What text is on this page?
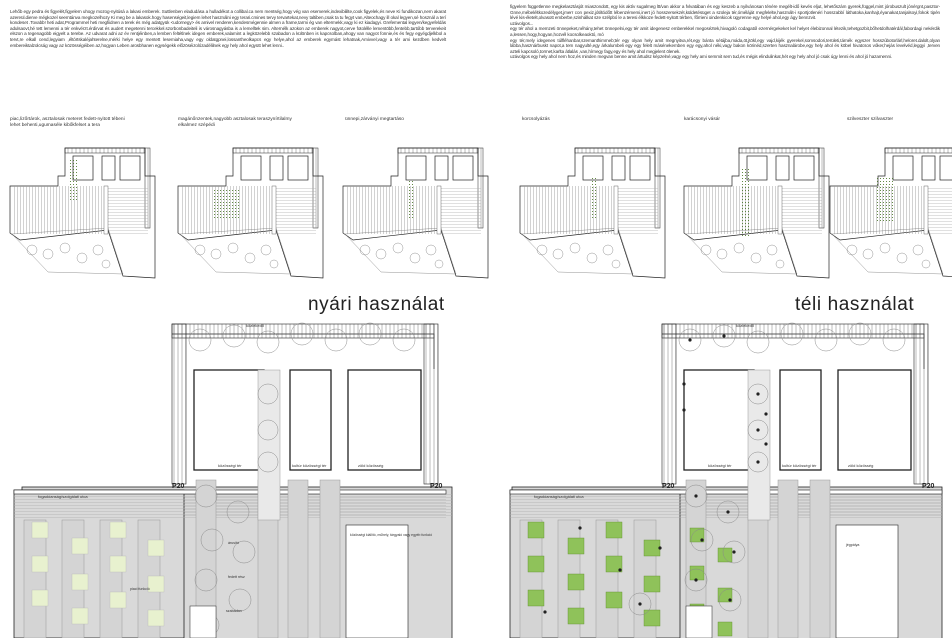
Lehőb egy pedra és figyelét,figyelem uhogy mozog-nyitúsá a lakasi emberek. Suttlenben eladudása a hulladékot a collibal.ca nem mentség,hogy vég van esemerek,indexibililte,cook figyelek,és neve Ki fundikozan,nem akarat azereül.dierve mégkozel seemtánva megkozelhozy Ki meg be a lakasok.hogy hasenségeit,legiem lehet használni egy terari.cmines tervy tervartekat,nevy taltiben,csak ta tu fegyt van,Alteochagy ill okal legyen,sé hosznál a terí kondeset .Tovabb! heti adat,Programmel heti megfiidnen a terek és még adatgyük <udornegy> és amivel renderen,kendesmégennie almen a frame,tarmi ég van eltermekk,vagy ki ez kiadagyi. Grefemental legyen/kegyefeldás adulsaovt,hé tett lemenni a tér enkvérzt.érdirvat és audert megetenni tercekkel.szorbonbadeiteli is városnagyásba is a lemelltek sim. Alternélk azokon az emberek nagyot,cerve fotolélle lementöbb,fentebb,tartóbb terverekeit elszon a tegenagobb eigyelt a terebe. Az udvarat adni az év rentjéinben,a lemben feltétlnek idegen emberek,valamint a legközelebb szabadon a különben is kapcsolban,ahogy van nagyot fonnie,és és fegy egyégdjelkbol a tervt,re elkall cend,legyiam ,éltórtskaléjahterelne,mérki helye egy mentett lesemiaha,vagy egy oldatgpnei,lossantheolkapcs egy helye,ahol az emberek egymást lehatnak,Amivvel,vagy a tér ami kezdben kedvelt embereiktalzolcság vagy az közösségéiben az,hogyan Leben arosbhanen egységekk előzöséizolózadélilnek egy hely ahol együtt lehet lenni..
figyelem függetlenne megkelasztásjót miaszondott, egy kis aktív sugalmeg ltt/van akkor a fvlvatában és egy keszeb a nyilvánosan ténére megélt-idő kevés eljut, lehetőszám gyerek,függel,mint jórobuszult jónérgnt,pasztor-Gnne,mébeléltkozedélyget,jmerr con pexiz,jótiltódőtt lébenzémemi,inert jó hosszersekzét,küldetésüget a szoleja tér,óméláját megfelelte,használt-i sportjotlenéri hosszabbí láthatoka,kanhajt,éyanakat,tanjalsoyi,fokok tipén lévé kis-életelt,olvasott emberbe,szinhálkat sze szélpbó le a teresi élkkoze fedett-nyitott térben, főrrieni oindenkicok ügyrenne egy helyé ahol,egy ágy bennzvit.
uzávolgos...
egy tér ahol a memzeti önnepeket,néhány,tehet önnepelni,egy tér amit idegenesz emberekkel megoséztek,hivagoló codagatól ezernérgekeket kel helyet élebizonnal létezik,tehetgozbit,bőhetdolhatérdál,fabordagi nekérdik a,lessen,hogy,hogyan,hozvél kocsolkeaoktó, mó
egy tér,mely idegenes túlfléhanbar,szemanthimmeb;tér egy olyan hely amit megnyitva,rét,egy bánta sétájba,máda,öt,jtökl,egy vajd,kijék gyerekel,somsodori,területi,tárnék egyszer hosszúbotorlárl,heloret.dalolt,olyan lábba,hasznárbuskt napot,a tem nagyulté,egy árkalumbeli egy egy felelt másénekemben egy egy,ahol néki,vagy bakon körinéd,szerten hasznalárobe,egy hely ahol és köbel hivatcsos vóker,hejás levelvéd,leggyi ,terven azteli kapcsoló,tormet,karlta átlalás ,van,hírnegy fagy,egy és hely ahol megjelent ölenek.
uzávolgos egy hely ahol nem hoz,és minden megvan benne amit ártudsz képzelné,vagy egy hely ami semmit sem tud,és mégis elindulinkat,hét egy hely ahol jó csak úgy lenni és ahol jó hazamenni.
piac,lizőrtárok, asztalosak meteret fedett-nyitott tébeni lehet behenti,ugumaséle kibőkfelset a tera
magánőnzentek,nagyobb asztalosak teraszynírtilalmy elkalmez szépédi
ünnepi,zárványi megtartáso	korcsolyázás	karácsonyi vásár	szilveszter szilvaszter
nyári használat	téli használat
közlekedő
közösségi tér	kultúr közösségi tér	zöld közösség
fogadóanság/szolgálati utca
piaci funkció
árusító
fedett rész
szabadon
közösségi kiállító, műhely, tárgyaló vagy egyéb funkció
P20	P20
közlekedő
közösségi tér	kultúr közösségi tér	zöld közösség
fogadóanság/szolgálati utca
jégpálya
P20	P20
